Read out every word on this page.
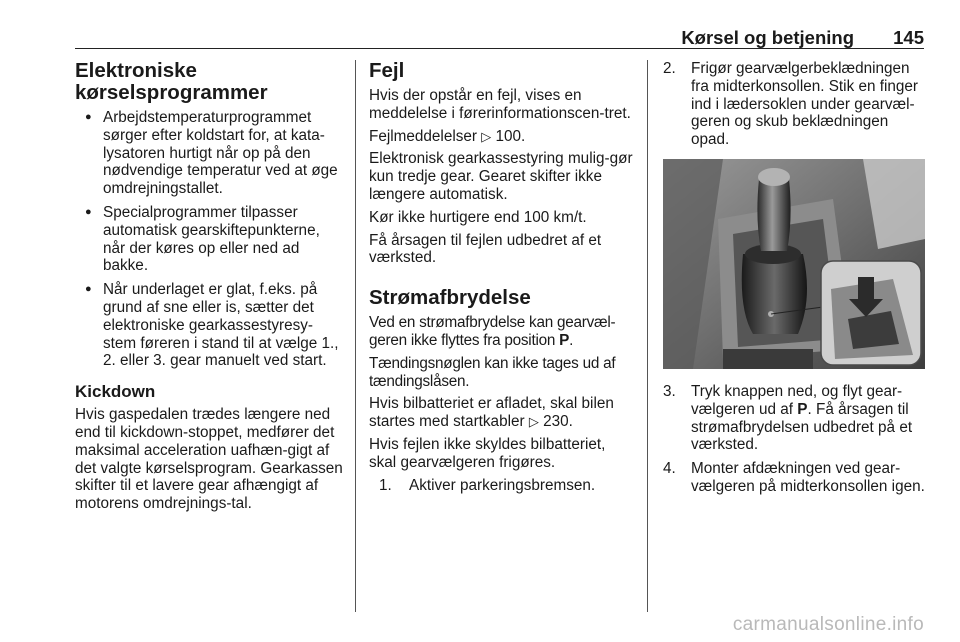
Kørsel og betjening 145
Elektroniske kørselsprogrammer
● Arbejdstemperaturprogrammet sørger efter koldstart for, at kata-lysatoren hurtigt når op på den nødvendige temperatur ved at øge omdrejningstallet.
● Specialprogrammer tilpasser automatisk gearskiftepunkterne, når der køres op eller ned ad bakke.
● Når underlaget er glat, f.eks. på grund af sne eller is, sætter det elektroniske gearkassestyresy-stem føreren i stand til at vælge 1., 2. eller 3. gear manuelt ved start.
Kickdown

Hvis gaspedalen trædes længere ned end til kickdown-stoppet, medfører det maksimal acceleration uafhæn-gigt af det valgte kørselsprogram. Gearkassen skifter til et lavere gear afhængigt af motorens omdrejnings-tal.

Fejl

Hvis der opstår en fejl, vises en meddelelse i førerinformationscen-tret.

Fejlmeddelelser ▷ 100.

Elektronisk gearkassestyring mulig-gør kun tredje gear. Gearet skifter ikke længere automatisk.

Kør ikke hurtigere end 100 km/t.

Få årsagen til fejlen udbedret af et værksted.

Strømafbrydelse

Ved en strømafbrydelse kan gearvæl-geren ikke flyttes fra position P.

Tændingsnøglen kan ikke tages ud af tændingslåsen.

Hvis bilbatteriet er afladet, skal bilen startes med startkabler ▷ 230.

Hvis fejlen ikke skyldes bilbatteriet, skal gearvælgeren frigøres.

1. Aktiver parkeringsbremsen.
2. Frigør gearvælgerbeklædningen fra midterkonsollen. Stik en finger ind i lædersoklen under gearvæl-geren og skub beklædningen opad.
3. Tryk knappen ned, og flyt gear-vælgeren ud af P. Få årsagen til strømafbrydelsen udbedret på et værksted.
4. Monter afdækningen ved gear-vælgeren på midterkonsollen igen.
carmanualsonline.info
